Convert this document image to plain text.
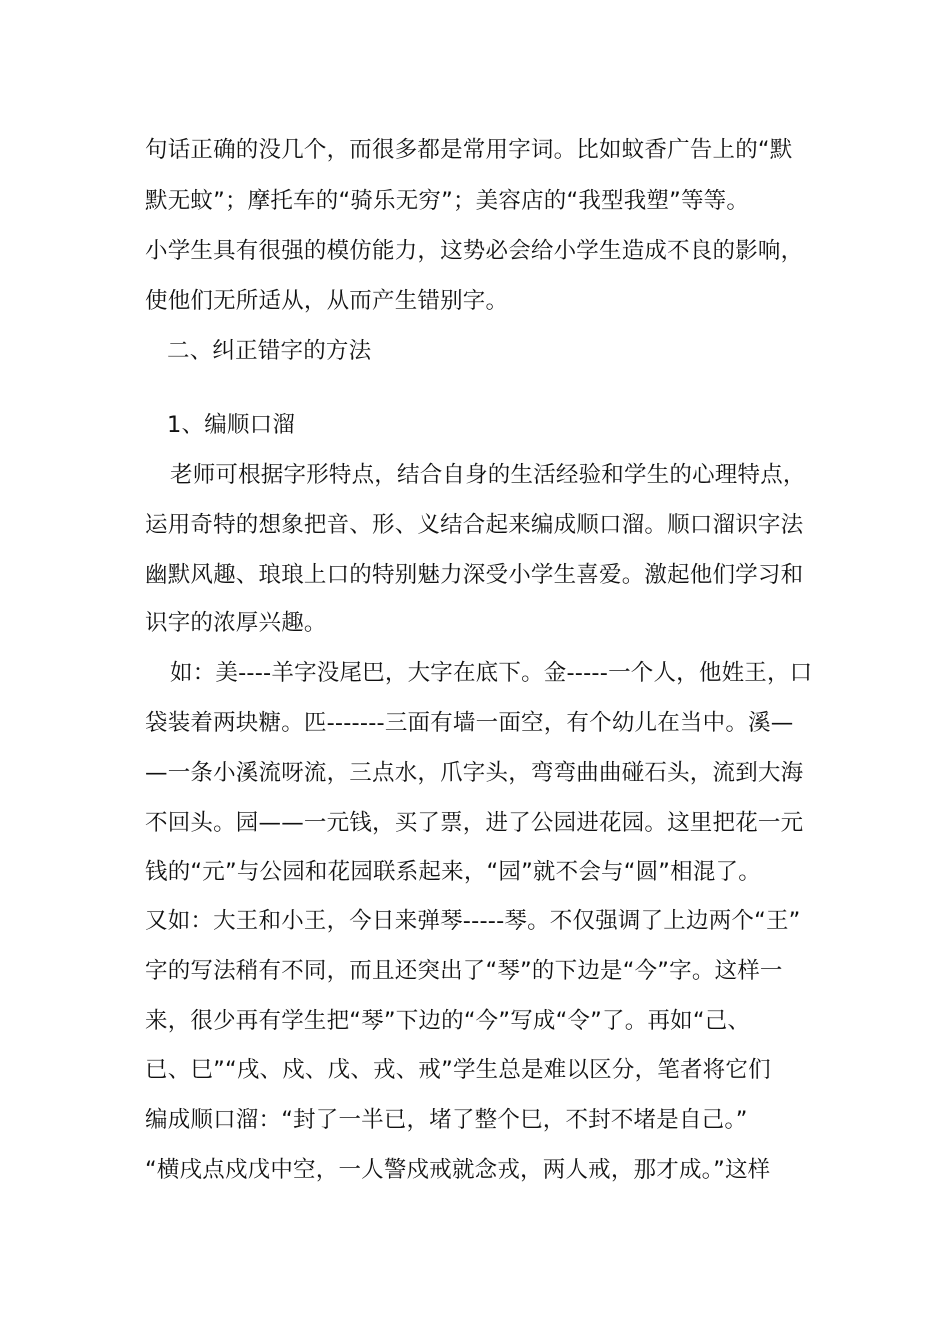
句话正确的没几个，而很多都是常用字词。比如蚊香广告上的“默

默无蚊”；摩托车的“骑乐无穷”；美容店的“我型我塑”等等。

小学生具有很强的模仿能力，这势必会给小学生造成不良的影响，

使他们无所适从，从而产生错别字。

二、纠正错字的方法

1、编顺口溜

老师可根据字形特点，结合自身的生活经验和学生的心理特点，

运用奇特的想象把音、形、义结合起来编成顺口溜。顺口溜识字法

幽默风趣、琅琅上口的特别魅力深受小学生喜爱。激起他们学习和

识字的浓厚兴趣。

如：美----羊字没尾巴，大字在底下。金-----一个人，他姓王，口

袋装着两块糖。匹-------三面有墙一面空，有个幼儿在当中。溪—

—一条小溪流呀流，三点水，爪字头，弯弯曲曲碰石头，流到大海

不回头。园——一元钱，买了票，进了公园进花园。这里把花一元

钱的“元”与公园和花园联系起来，“园”就不会与“圆”相混了。

又如：大王和小王，今日来弹琴-----琴。不仅强调了上边两个“王”

字的写法稍有不同，而且还突出了“琴”的下边是“今”字。这样一

来，很少再有学生把“琴”下边的“今”写成“令”了。再如“己、

已、巳”“戌、戍、戊、戎、戒”学生总是难以区分，笔者将它们

编成顺口溜：“封了一半已，堵了整个巳，不封不堵是自己。”

“横戌点戍戊中空，一人警戍戒就念戎，两人戒，那才成。”这样
